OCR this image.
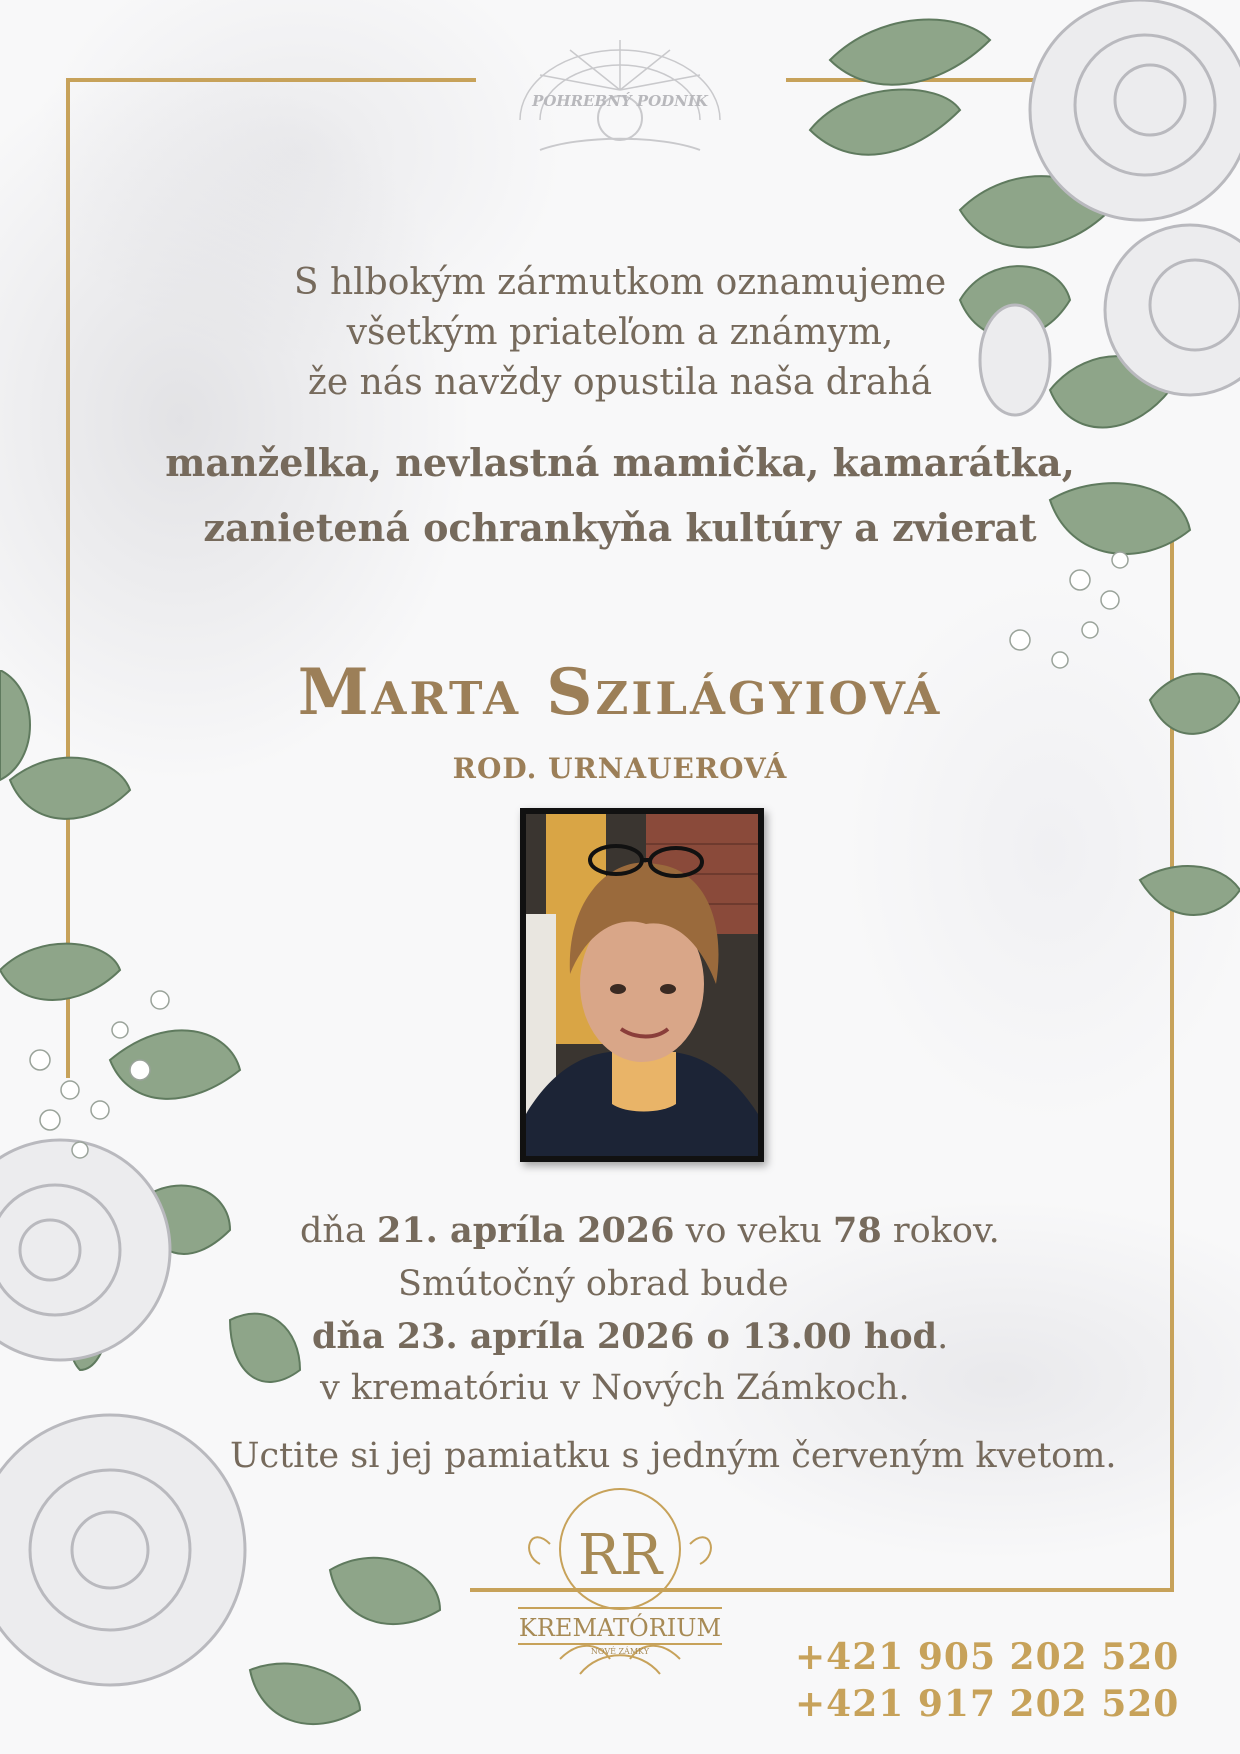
POHREBNÝ PODNIK
S hlbokým zármutkom oznamujeme
všetkým priateľom a známym,
že nás navždy opustila naša drahá
manželka, nevlastná mamička, kamarátka,
zanietená ochrankyňa kultúry a zvierat
Marta Szilágyiová
ROD. URNAUEROVÁ
dňa 21. apríla 2026 vo veku 78 rokov.
Smútočný obrad bude
dňa 23. apríla 2026 o 13.00 hod.
v krematóriu v Nových Zámkoch.
Uctite si jej pamiatku s jedným červeným kvetom.
RR
KREMATÓRIUM
NOVÉ ZÁMKY	+421 905 202 520
+421 917 202 520
